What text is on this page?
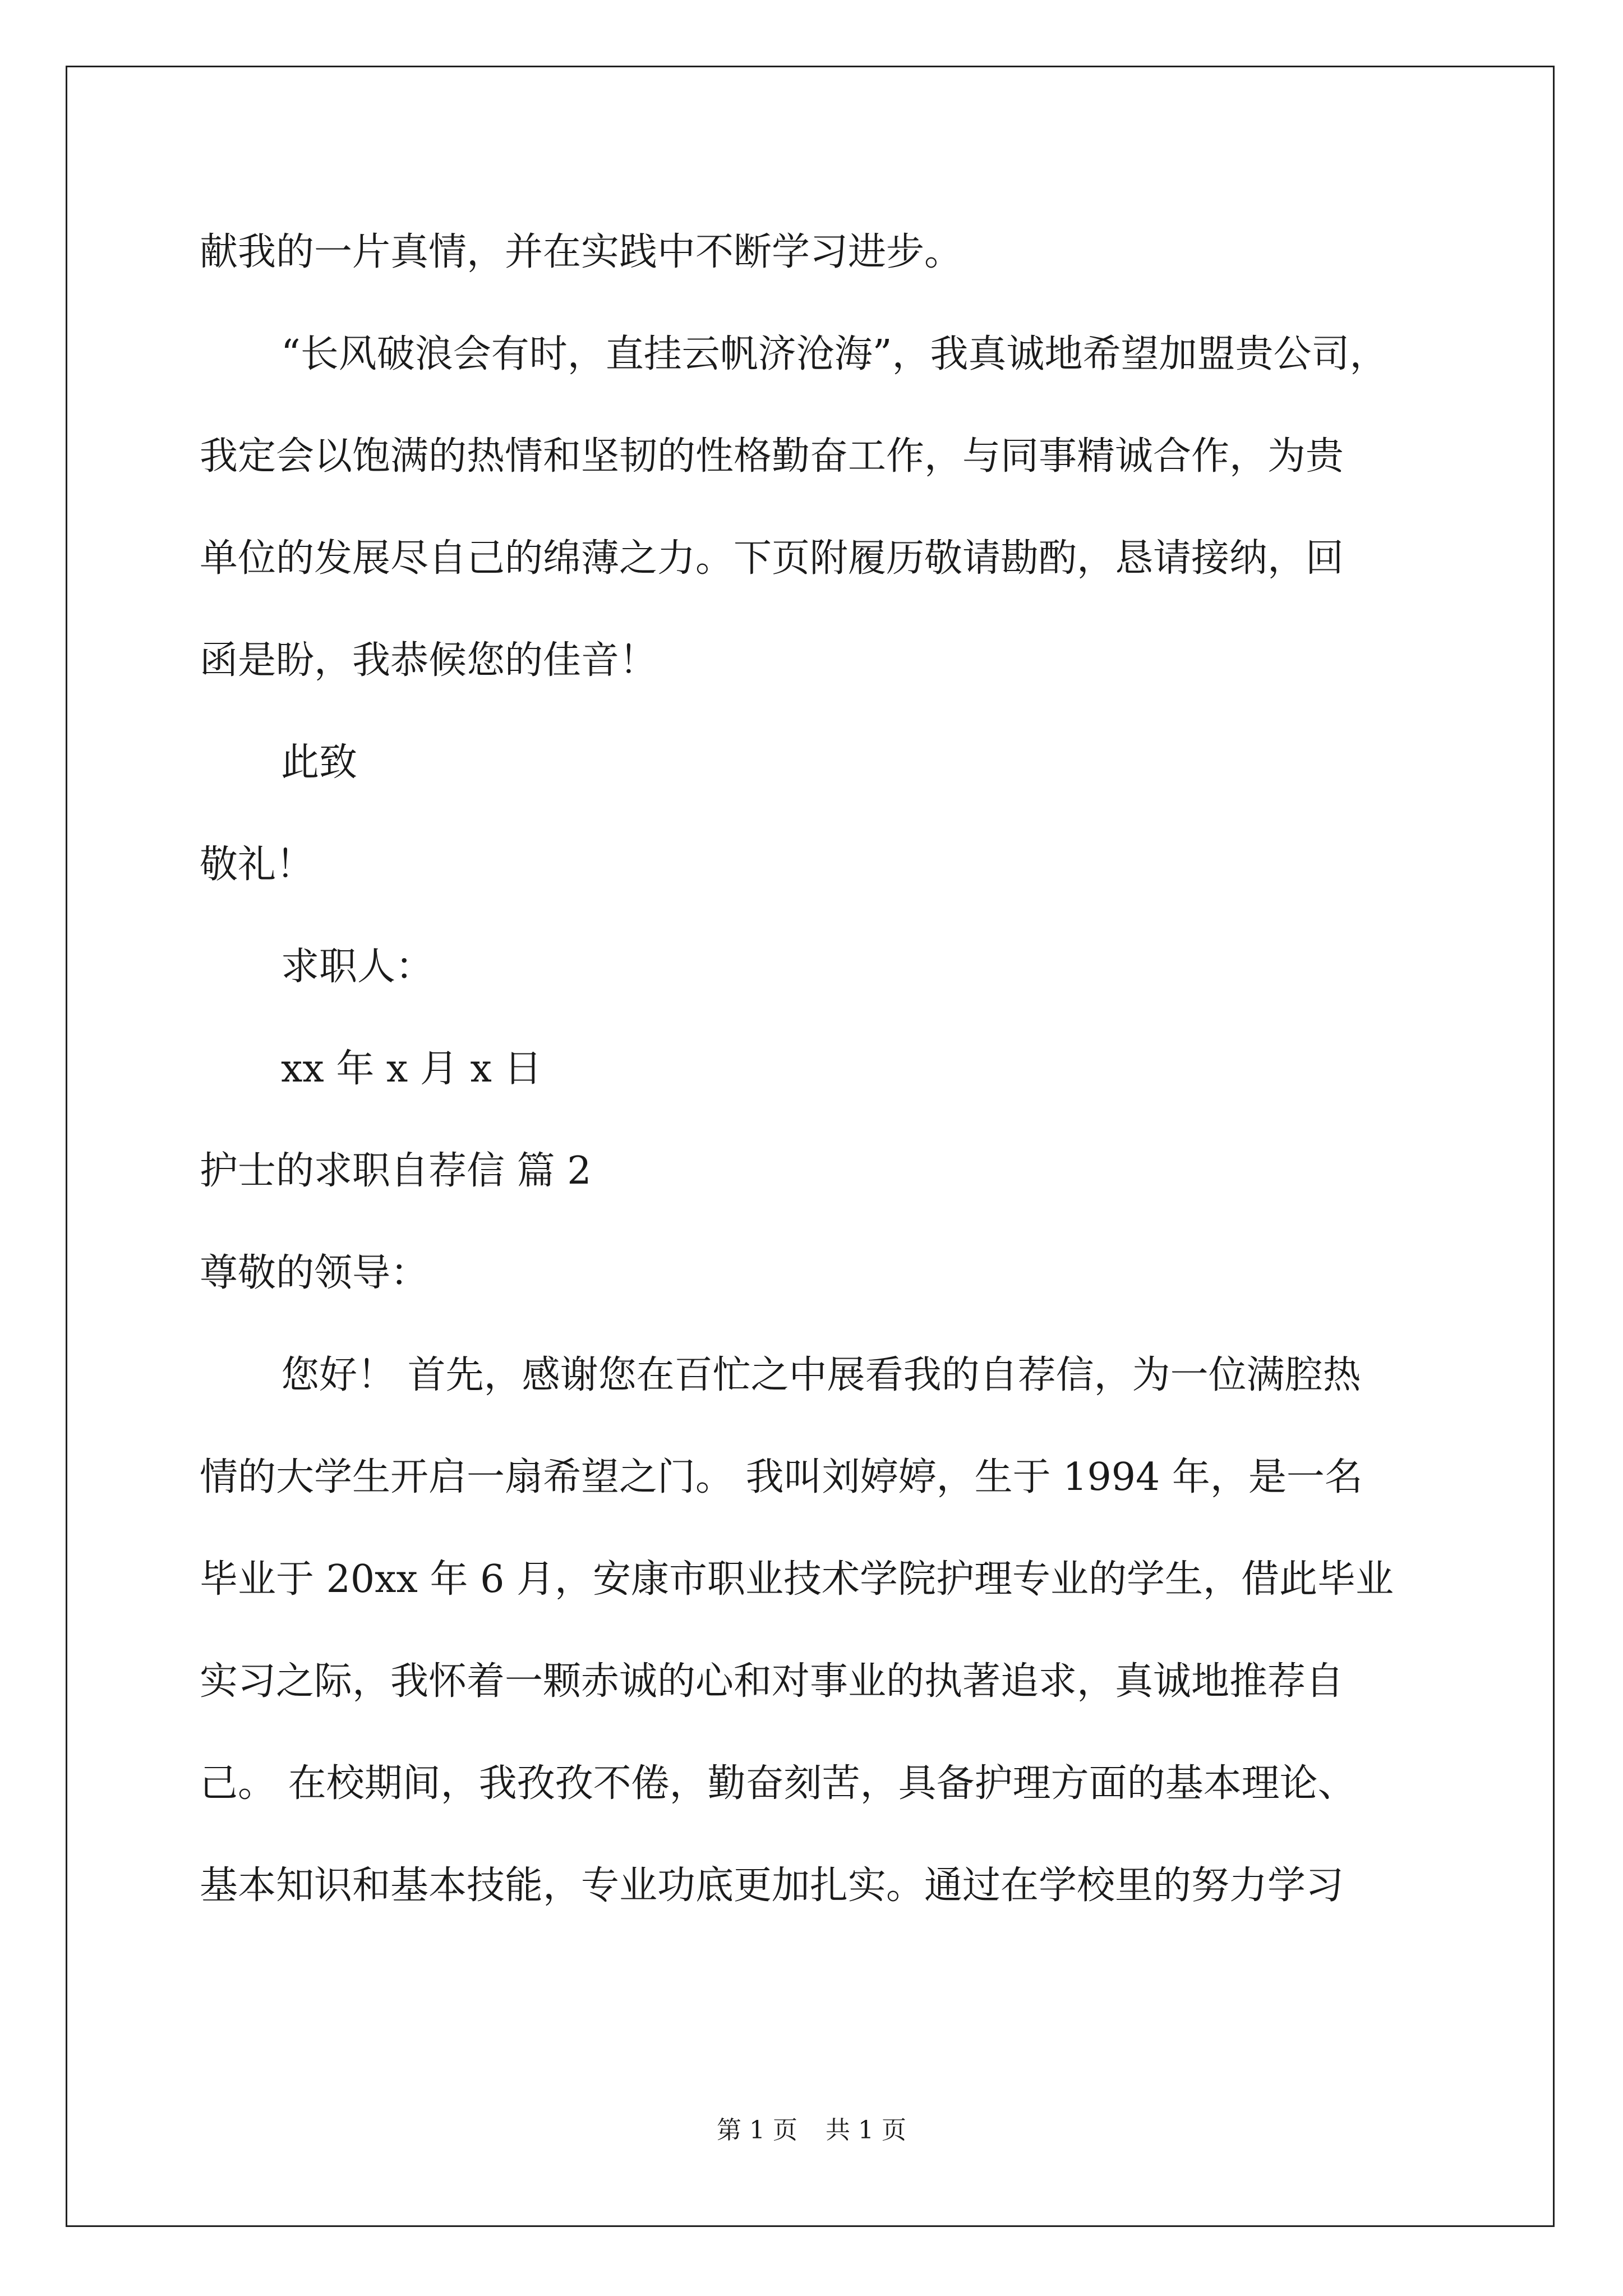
献我的一片真情，并在实践中不断学习进步。
“长风破浪会有时，直挂云帆济沧海”，我真诚地希望加盟贵公司，
我定会以饱满的热情和坚韧的性格勤奋工作，与同事精诚合作，为贵
单位的发展尽自己的绵薄之力。下页附履历敬请勘酌，恳请接纳，回
函是盼，我恭候您的佳音！
此致
敬礼！
求职人：
xx 年 x 月 x 日
护士的求职自荐信 篇 2
尊敬的领导：
您好！ 首先，感谢您在百忙之中展看我的自荐信，为一位满腔热
情的大学生开启一扇希望之门。 我叫刘婷婷，生于 1994 年，是一名
毕业于 20xx 年 6 月，安康市职业技术学院护理专业的学生，借此毕业
实习之际，我怀着一颗赤诚的心和对事业的执著追求，真诚地推荐自
己。 在校期间，我孜孜不倦，勤奋刻苦，具备护理方面的基本理论、
基本知识和基本技能，专业功底更加扎实。通过在学校里的努力学习
第 1 页 共 1 页
